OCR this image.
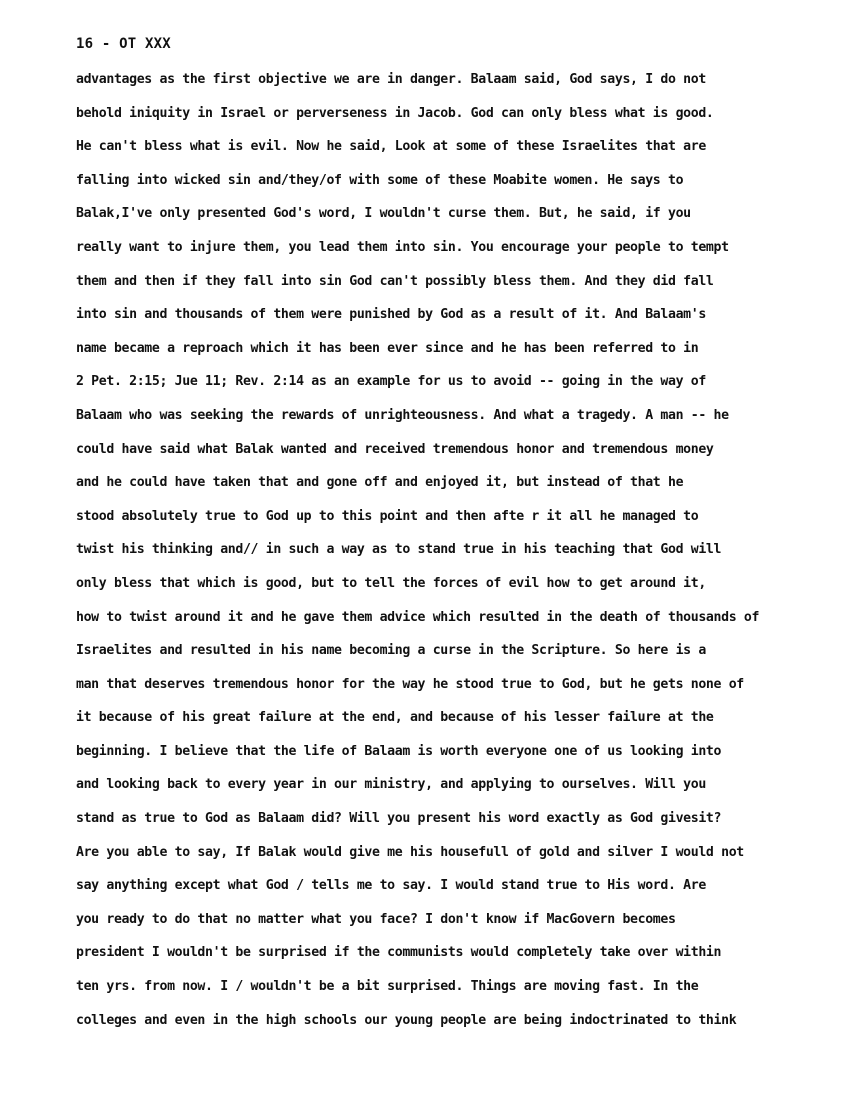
16 - OT XXX
advantages as the first objective we are in danger. Balaam said, God says, I do not
behold iniquity in Israel or perverseness in Jacob. God can only bless what is good.
He can't bless what is evil. Now he said, Look at some of these Israelites that are
falling into wicked sin and/they/of with some of these Moabite women. He says to
Balak,I've only presented God's word, I wouldn't curse them. But, he said, if you
really want to injure them, you lead them into sin. You encourage your people to tempt
them and then if they fall into sin God can't possibly bless them. And they did fall
into sin and thousands of them were punished by God as a result of it. And Balaam's
name became a reproach which it has been ever since and he has been referred to in
2 Pet. 2:15; Jue 11; Rev. 2:14 as an example for us to avoid -- going in the way of
Balaam who was seeking the rewards of unrighteousness. And what a tragedy. A man -- he
could have said what Balak wanted and received tremendous honor and tremendous money
and he could have taken that and gone off and enjoyed it, but instead of that he
stood absolutely true to God up to this point and then afte r it all he managed to
twist his thinking and// in such a way as to stand true in his teaching that God will
only bless that which is good, but to tell the forces of evil how to get around it,
how to twist around it and he gave them advice which resulted in the death of thousands of
Israelites and resulted in his name becoming a curse in the Scripture. So here is a
man that deserves tremendous honor for the way he stood true to God, but he gets none of
it because of his great failure at the end, and because of his lesser failure at the
beginning. I believe that the life of Balaam is worth everyone one of us looking into
and looking back to every year in our ministry, and applying to ourselves. Will you
stand as true to God as Balaam did? Will you present his word exactly as God givesit?
Are you able to say, If Balak would give me his housefull of gold and silver I would not
say anything except what God / tells me to say. I would stand true to His word. Are
you ready to do that no matter what you face? I don't know if MacGovern becomes
president I wouldn't be surprised if the communists would completely take over within
ten yrs. from now. I / wouldn't be a bit surprised. Things are moving fast. In the
colleges and even in the high schools our young people are being indoctrinated to think
